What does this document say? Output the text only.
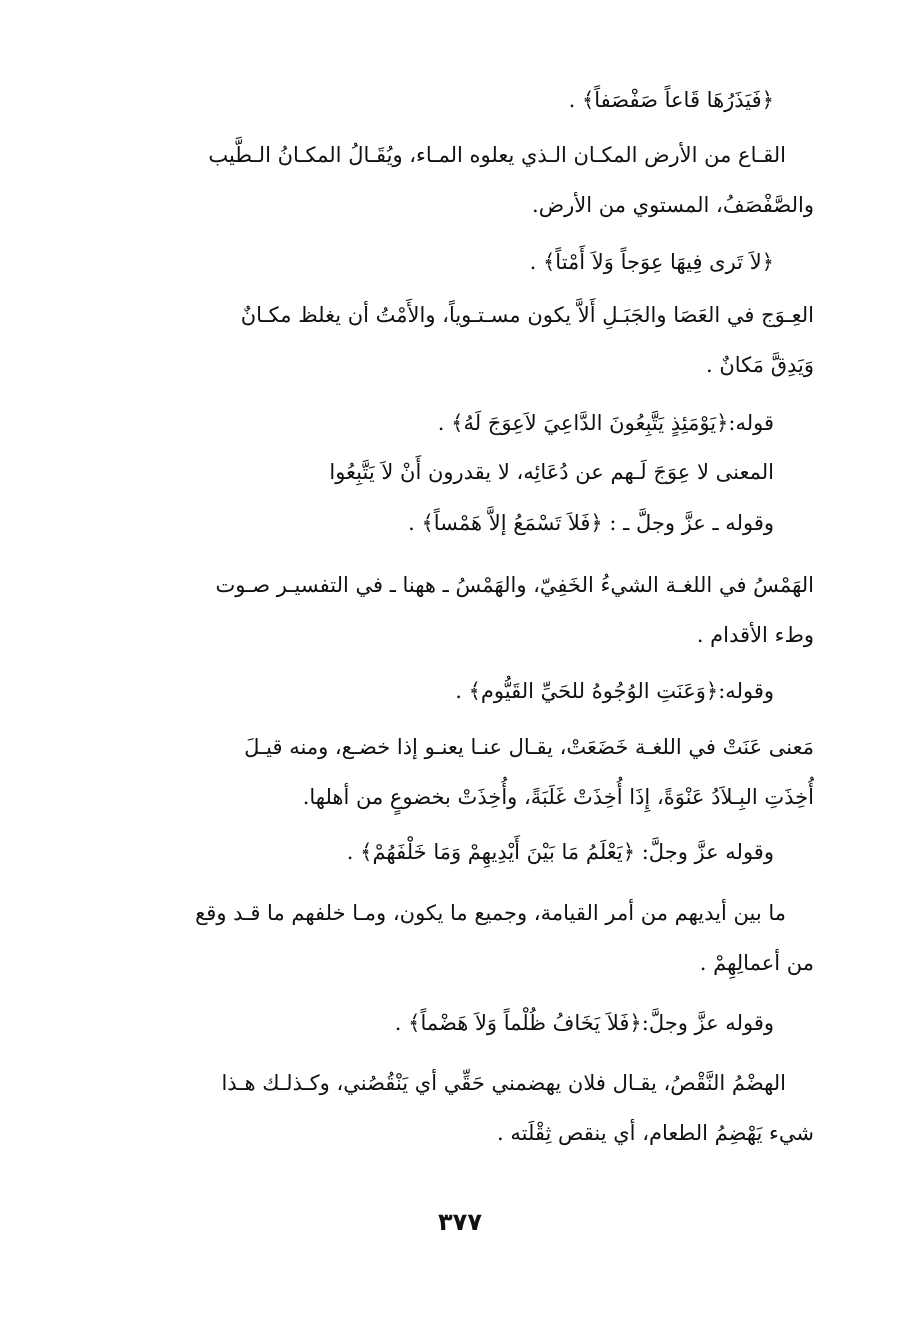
﴿فَيَذَرُهَا قَاعاً صَفْصَفاً﴾ .
القـاع من الأرض المكـان الـذي يعلوه المـاء، ويُقَـالُ المكـانُ الـطَّيب
والصَّفْصَفُ، المستوي من الأرض.
﴿لاَ تَرى فِيهَا عِوَجاً وَلاَ أَمْتاً﴾ .
العِـوَج في العَصَا والجَبَـلِ أَلاَّ يكون مسـتـوياً، والأَمْتُ أن يغلظ مكـانٌ
وَيَدِقَّ مَكانٌ .
قوله:﴿يَوْمَئِذٍ يَتَّبِعُونَ الدَّاعِيَ لاَعِوَجَ لَهُ﴾ .
المعنى لا عِوَجَ لَـهم عن دُعَائِه، لا يقدرون أَنْ لاَ يَتَّبِعُوا
وقوله ـ عزَّ وجلَّ ـ : ﴿فَلاَ تَسْمَعُ إلاَّ هَمْساً﴾ .
الهَمْسُ في اللغـة الشيءُ الخَفِيّ، والهَمْسُ ـ ههنا ـ في التفسيـر صـوت
وطء الأقدام .
وقوله:﴿وَعَنَتِ الوُجُوهُ للحَيِّ القَيُّوم﴾ .
مَعنى عَنَتْ في اللغـة خَضَعَتْ، يقـال عنـا يعنـو إذا خضـع، ومنه قيـلَ
أُخِذَتِ البِـلاَدُ عَنْوَةً، إِذَا أُخِذَتْ غَلَبَةً، وأُخِذَتْ بخضوعٍ من أهلها.
وقوله عزَّ وجلَّ: ﴿يَعْلَمُ مَا بَيْنَ أَيْدِيهِمْ وَمَا خَلْفَهُمْ﴾ .
ما بين أيديهم من أمر القيامة، وجميع ما يكون، ومـا خلفهم ما قـد وقع
من أعمالِهِمْ .
وقوله عزَّ وجلَّ:﴿فَلاَ يَخَافُ ظُلْماً وَلاَ هَضْماً﴾ .
الهضْمُ النَّقْصُ، يقـال فلان يهضمني حَقِّي أي يَنْقُصُني، وكـذلـك هـذا
شيء يَهْضِمُ الطعام، أي ينقص ثِقْلَته .
٣٧٧
